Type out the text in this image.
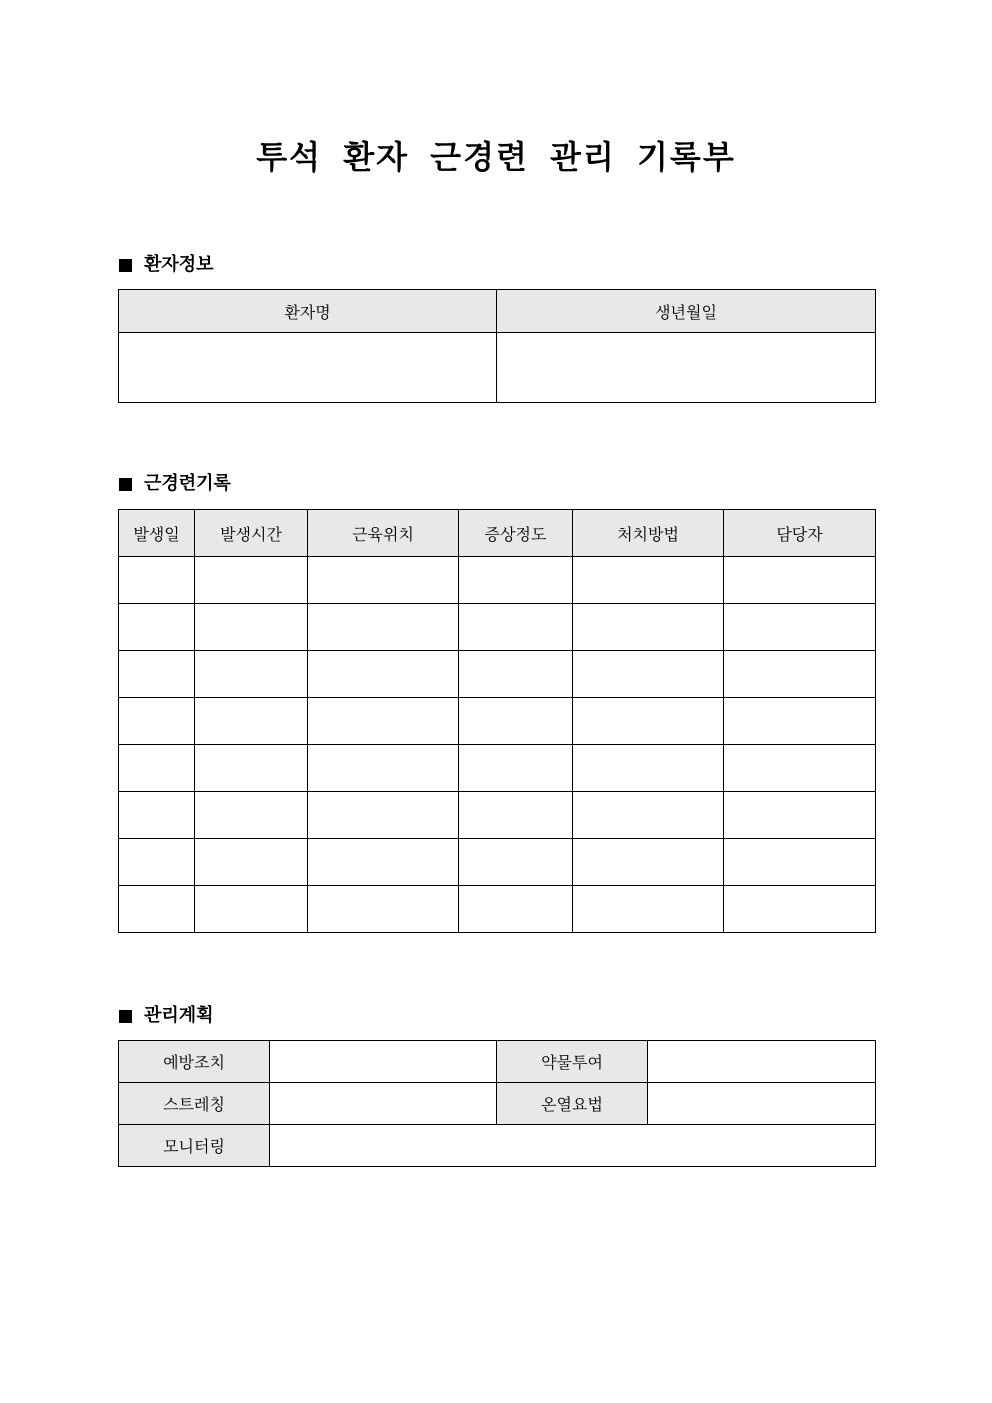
투석 환자 근경련 관리 기록부
환자정보
환자명	생년월일

근경련기록
발생일	발생시간	근육위치	증상정도	처치방법	담당자

관리계획
예방조치		약물투여	
스트레칭		온열요법	
모니터링			
